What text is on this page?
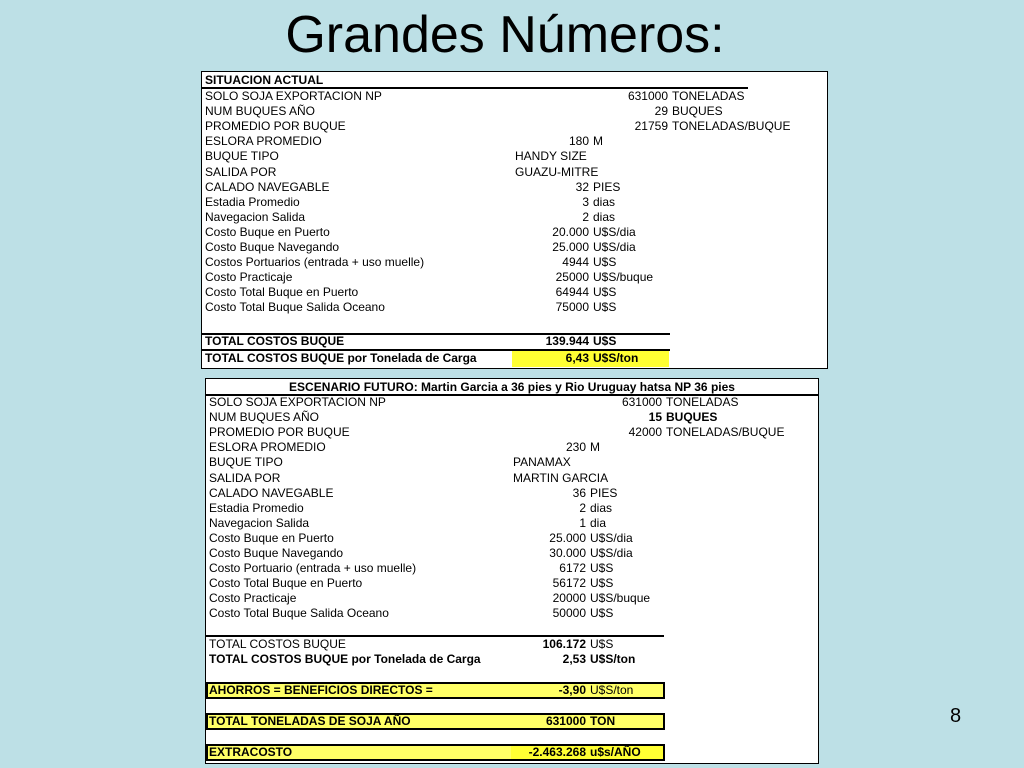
Grandes Números:
SITUACION ACTUAL
SOLO SOJA EXPORTACION NP	631000 TONELADAS
NUM BUQUES AÑO	29 BUQUES
PROMEDIO POR BUQUE	21759 TONELADAS/BUQUE
ESLORA PROMEDIO	180 M
BUQUE TIPO	HANDY SIZE
SALIDA POR	GUAZU-MITRE
CALADO NAVEGABLE	32 PIES
Estadia Promedio	3 dias
Navegacion Salida	2 dias
Costo Buque en Puerto	20.000 U$S/dia
Costo Buque Navegando	25.000 U$S/dia
Costos Portuarios (entrada + uso muelle)	4944 U$S
Costo Practicaje	25000 U$S/buque
Costo Total Buque en Puerto	64944 U$S
Costo Total Buque Salida Oceano	75000 U$S
TOTAL COSTOS BUQUE	139.944 U$S
TOTAL COSTOS BUQUE por Tonelada de Carga	6,43 U$S/ton
ESCENARIO FUTURO: Martin Garcia a 36 pies y Rio Uruguay hatsa NP 36 pies
SOLO SOJA EXPORTACION NP	631000 TONELADAS
NUM BUQUES AÑO	15 BUQUES
PROMEDIO POR BUQUE	42000 TONELADAS/BUQUE
ESLORA PROMEDIO	230 M
BUQUE TIPO	PANAMAX
SALIDA POR	MARTIN GARCIA
CALADO NAVEGABLE	36 PIES
Estadia Promedio	2 dias
Navegacion Salida	1 dia
Costo Buque en Puerto	25.000 U$S/dia
Costo Buque Navegando	30.000 U$S/dia
Costo Portuario (entrada + uso muelle)	6172 U$S
Costo Total Buque en Puerto	56172 U$S
Costo Practicaje	20000 U$S/buque
Costo Total Buque Salida Oceano	50000 U$S
TOTAL COSTOS BUQUE	106.172 U$S
TOTAL COSTOS BUQUE por Tonelada de Carga	2,53 U$S/ton
AHORROS = BENEFICIOS DIRECTOS =	-3,90 U$S/ton
TOTAL TONELADAS DE SOJA AÑO	631000 TON
EXTRACOSTO	-2.463.268 u$s/AÑO
8
